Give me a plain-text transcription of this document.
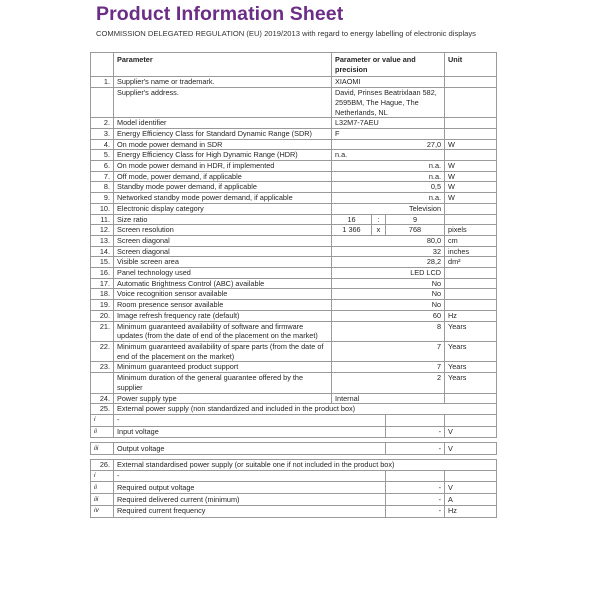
Product Information Sheet
COMMISSION DELEGATED REGULATION (EU) 2019/2013 with regard to energy labelling of electronic displays
	Parameter	Parameter or value and precision			Unit
1.	Supplier's name or trademark.	XIAOMI			
	Supplier's address.	David, Prinses Beatrixlaan 582, 2595BM, The Hague, The Netherlands, NL			
2.	Model identifier	L32M7-7AEU			
3.	Energy Efficiency Class for Standard Dynamic Range (SDR)	F			
4.	On mode power demand in SDR	27,0			W
5.	Energy Efficiency Class for High Dynamic Range (HDR)	n.a.			
6.	On mode power demand in HDR, if implemented	n.a.			W
7.	Off mode, power demand, if applicable	n.a.			W
8.	Standby mode power demand, if applicable	0,5			W
9.	Networked standby mode power demand, if applicable	n.a.			W
10.	Electronic display category	Television			
11.	Size ratio	16	:	9	
12.	Screen resolution	1 366	x	768	pixels
13.	Screen diagonal	80,0			cm
14.	Screen diagonal	32			inches
15.	Visible screen area	28,2			dm²
16.	Panel technology used	LED LCD			
17.	Automatic Brightness Control (ABC) available	No			
18.	Voice recognition sensor available	No			
19.	Room presence sensor available	No			
20.	Image refresh frequency rate (default)	60			Hz
21.	Minimum guaranteed availability of software and firmware updates (from the date of end of the placement on the market)	8			Years
22.	Minimum guaranteed availability of spare parts (from the date of end of the placement on the market)	7			Years
23.	Minimum guaranteed product support	7			Years
	Minimum duration of the general guarantee offered by the supplier	2			Years
24.	Power supply type	Internal			
25.	External power supply (non standardized and included in the product box)				
i	-				
ii	Input voltage			-	V

iii	Output voltage			-	V

26.	External standardised power supply (or suitable one if not included in the product box)				
i	-				
ii	Required output voltage			-	V
iii	Required delivered current (minimum)			-	A
iv	Required current frequency			-	Hz
